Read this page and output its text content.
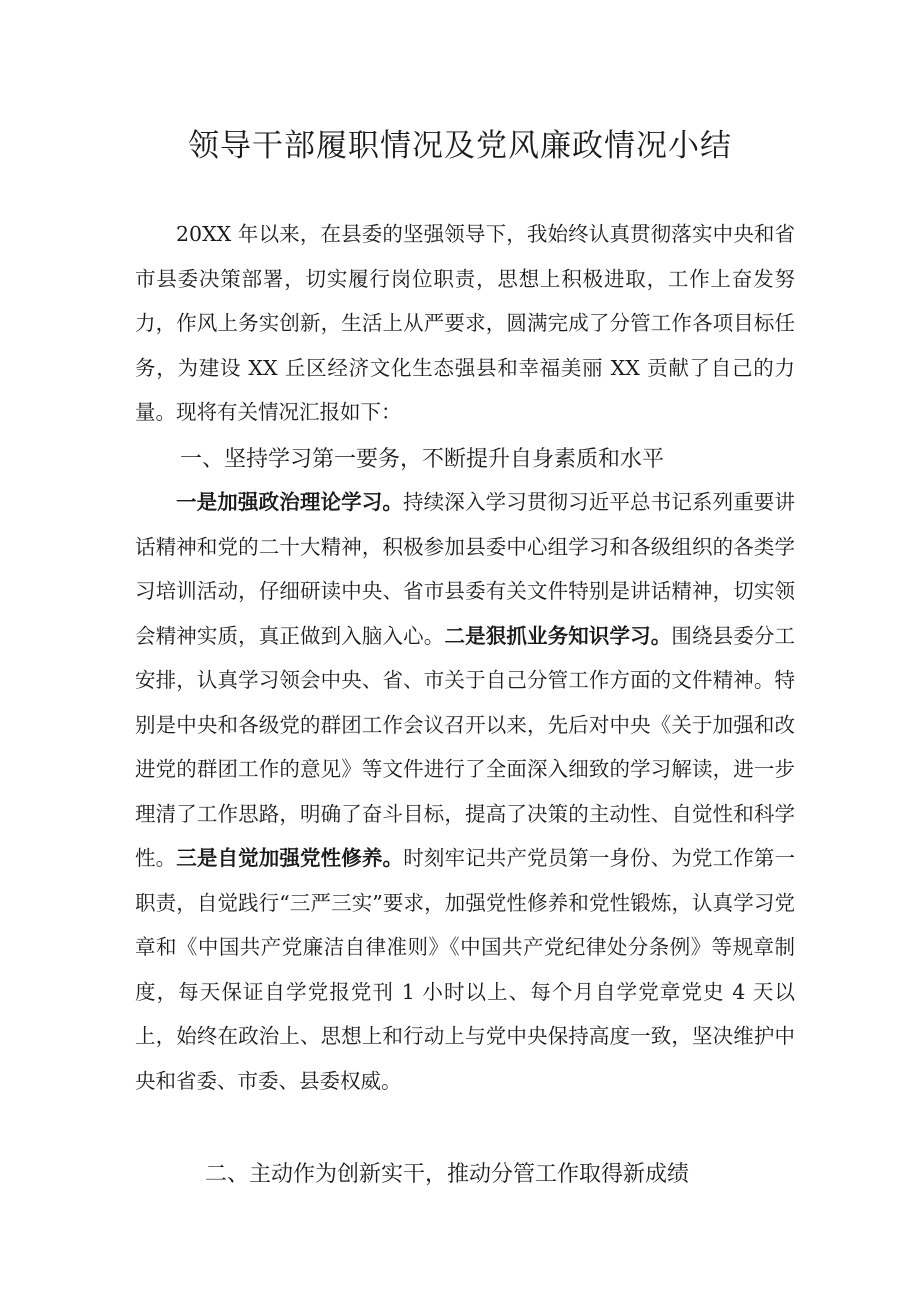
领导干部履职情况及党风廉政情况小结

20XX 年以来，在县委的坚强领导下，我始终认真贯彻落实中央和省市县委决策部署，切实履行岗位职责，思想上积极进取，工作上奋发努力，作风上务实创新，生活上从严要求，圆满完成了分管工作各项目标任务，为建设 XX 丘区经济文化生态强县和幸福美丽 XX 贡献了自己的力量。现将有关情况汇报如下：

一、坚持学习第一要务，不断提升自身素质和水平

一是加强政治理论学习。持续深入学习贯彻习近平总书记系列重要讲话精神和党的二十大精神，积极参加县委中心组学习和各级组织的各类学习培训活动，仔细研读中央、省市县委有关文件特别是讲话精神，切实领会精神实质，真正做到入脑入心。二是狠抓业务知识学习。围绕县委分工安排，认真学习领会中央、省、市关于自己分管工作方面的文件精神。特别是中央和各级党的群团工作会议召开以来，先后对中央《关于加强和改进党的群团工作的意见》等文件进行了全面深入细致的学习解读，进一步理清了工作思路，明确了奋斗目标，提高了决策的主动性、自觉性和科学性。三是自觉加强党性修养。时刻牢记共产党员第一身份、为党工作第一职责，自觉践行“三严三实”要求，加强党性修养和党性锻炼，认真学习党章和《中国共产党廉洁自律准则》《中国共产党纪律处分条例》等规章制度，每天保证自学党报党刊 1 小时以上、每个月自学党章党史 4 天以上，始终在政治上、思想上和行动上与党中央保持高度一致，坚决维护中央和省委、市委、县委权威。

二、主动作为创新实干，推动分管工作取得新成绩
